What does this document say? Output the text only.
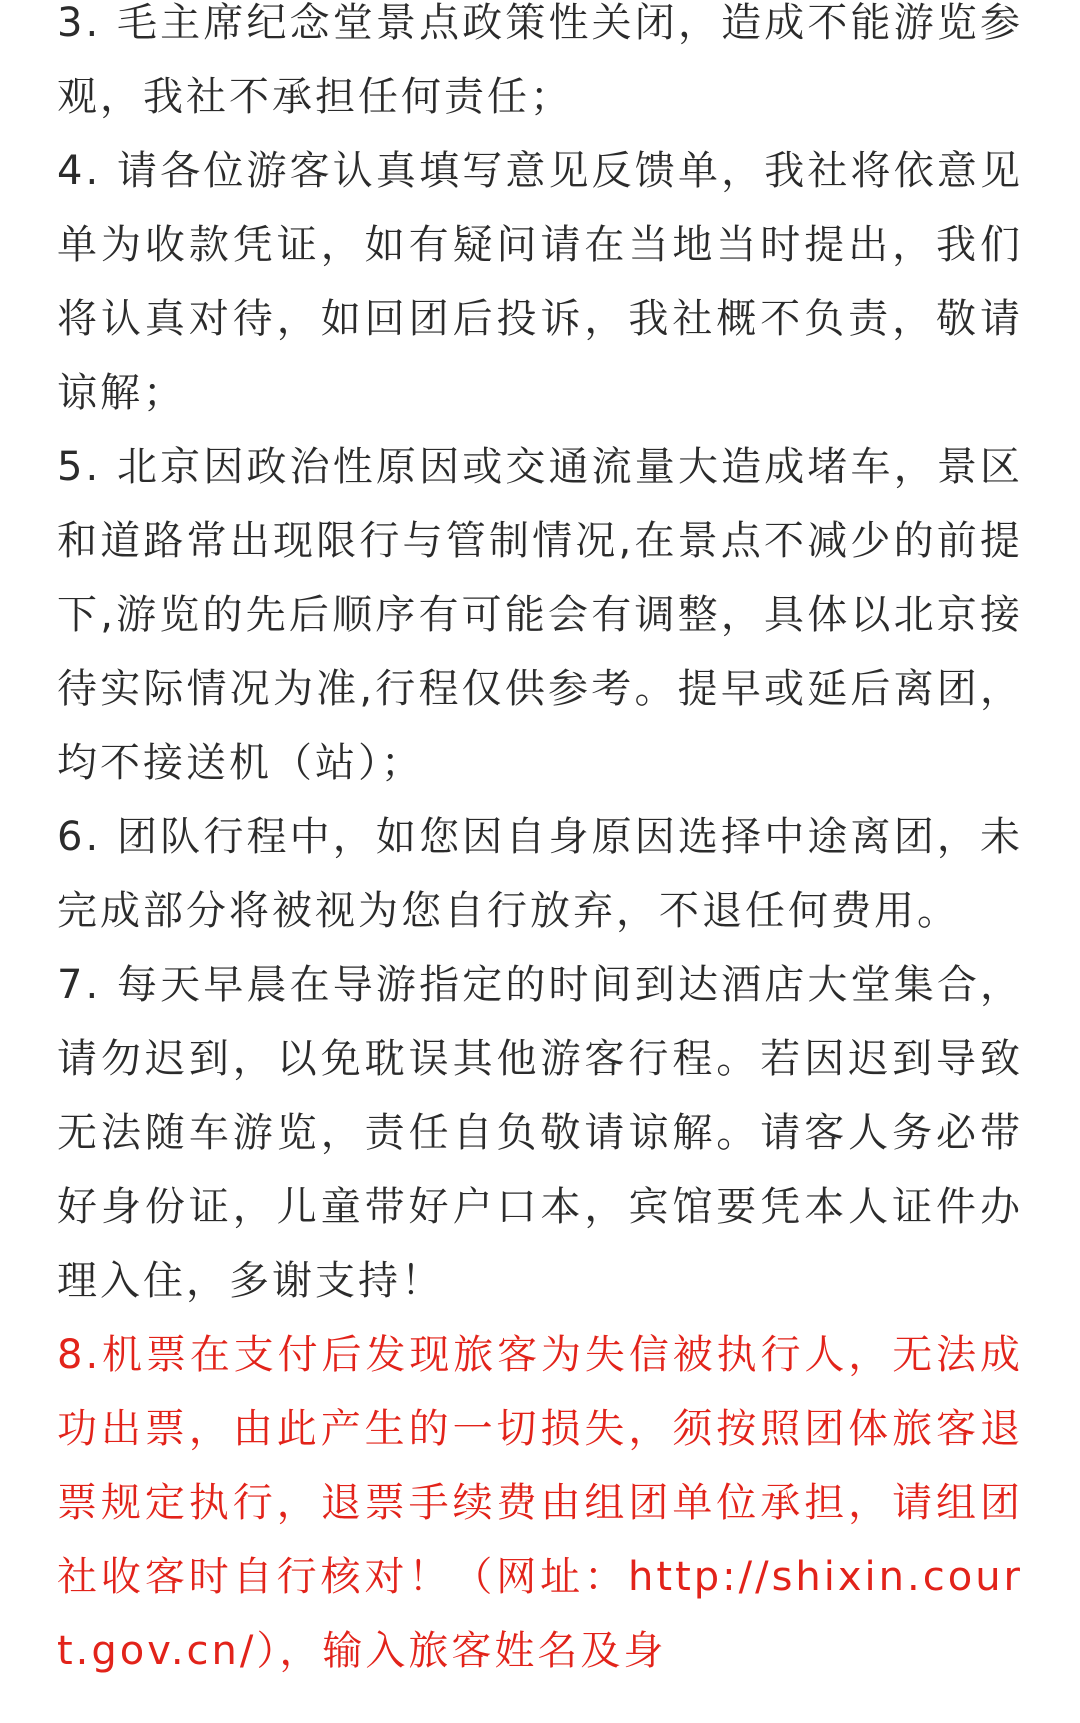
3. 毛主席纪念堂景点政策性关闭，造成不能游览参观，我社不承担任何责任；

4. 请各位游客认真填写意见反馈单，我社将依意见单为收款凭证，如有疑问请在当地当时提出，我们将认真对待，如回团后投诉，我社概不负责，敬请谅解；

5. 北京因政治性原因或交通流量大造成堵车，景区和道路常出现限行与管制情况,在景点不减少的前提下,游览的先后顺序有可能会有调整，具体以北京接待实际情况为准,行程仅供参考。提早或延后离团，均不接送机（站）；

6. 团队行程中，如您因自身原因选择中途离团，未完成部分将被视为您自行放弃，不退任何费用。

7. 每天早晨在导游指定的时间到达酒店大堂集合，请勿迟到，以免耽误其他游客行程。若因迟到导致无法随车游览，责任自负敬请谅解。请客人务必带好身份证，儿童带好户口本，宾馆要凭本人证件办理入住，多谢支持！

8.机票在支付后发现旅客为失信被执行人，无法成功出票，由此产生的一切损失，须按照团体旅客退票规定执行，退票手续费由组团单位承担，请组团社收客时自行核对！（网址：http://shixin.court.gov.cn/），输入旅客姓名及身
